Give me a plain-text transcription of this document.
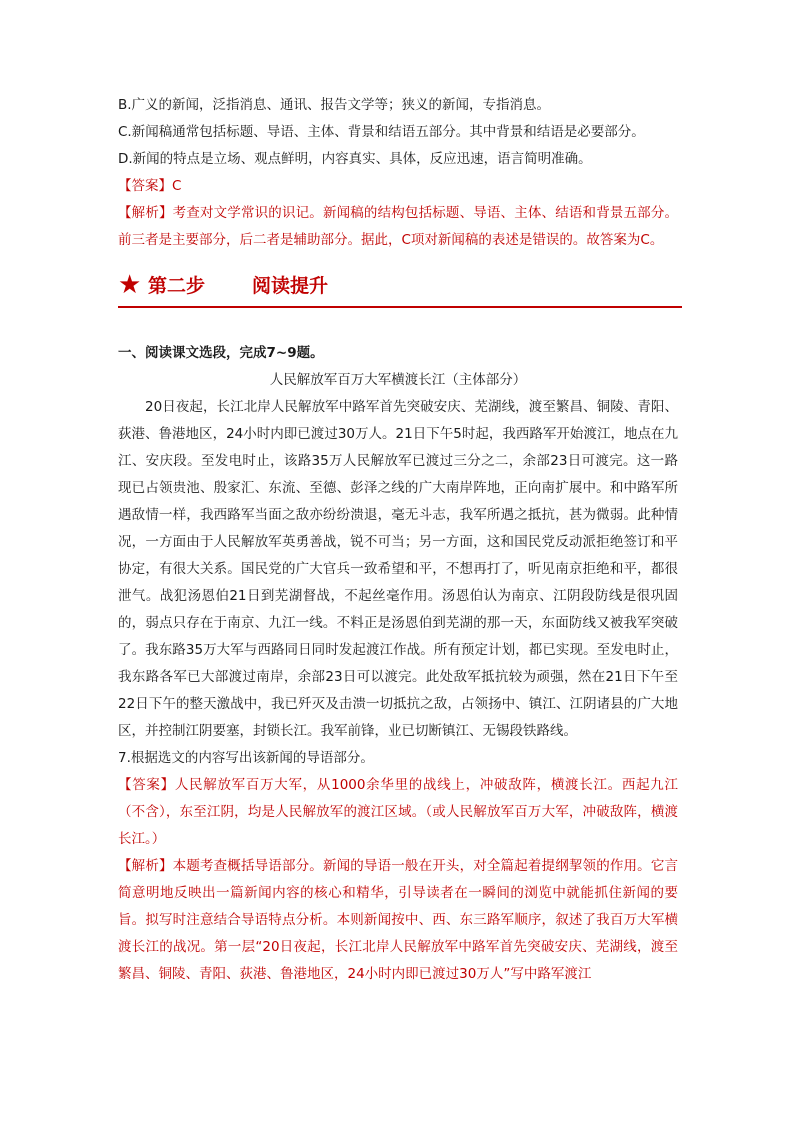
B.广义的新闻，泛指消息、通讯、报告文学等；狭义的新闻，专指消息。

C.新闻稿通常包括标题、导语、主体、背景和结语五部分。其中背景和结语是必要部分。

D.新闻的特点是立场、观点鲜明，内容真实、具体，反应迅速，语言简明准确。

【答案】C

【解析】考查对文学常识的识记。新闻稿的结构包括标题、导语、主体、结语和背景五部分。前三者是主要部分，后二者是辅助部分。据此，C项对新闻稿的表述是错误的。故答案为C。

★ 第二步 阅读提升

一、阅读课文选段，完成7~9题。

人民解放军百万大军横渡长江（主体部分）

20日夜起，长江北岸人民解放军中路军首先突破安庆、芜湖线，渡至繁昌、铜陵、青阳、荻港、鲁港地区，24小时内即已渡过30万人。21日下午5时起，我西路军开始渡江，地点在九江、安庆段。至发电时止，该路35万人民解放军已渡过三分之二，余部23日可渡完。这一路现已占领贵池、殷家汇、东流、至德、彭泽之线的广大南岸阵地，正向南扩展中。和中路军所遇敌情一样，我西路军当面之敌亦纷纷溃退，毫无斗志，我军所遇之抵抗，甚为微弱。此种情况，一方面由于人民解放军英勇善战，锐不可当；另一方面，这和国民党反动派拒绝签订和平协定，有很大关系。国民党的广大官兵一致希望和平，不想再打了，听见南京拒绝和平，都很泄气。战犯汤恩伯21日到芜湖督战，不起丝毫作用。汤恩伯认为南京、江阴段防线是很巩固的，弱点只存在于南京、九江一线。不料正是汤恩伯到芜湖的那一天，东面防线又被我军突破了。我东路35万大军与西路同日同时发起渡江作战。所有预定计划，都已实现。至发电时止，我东路各军已大部渡过南岸，余部23日可以渡完。此处敌军抵抗较为顽强，然在21日下午至22日下午的整天激战中，我已歼灭及击溃一切抵抗之敌，占领扬中、镇江、江阴诸县的广大地区，并控制江阴要塞，封锁长江。我军前锋，业已切断镇江、无锡段铁路线。

7.根据选文的内容写出该新闻的导语部分。

【答案】人民解放军百万大军，从1000余华里的战线上，冲破敌阵，横渡长江。西起九江（不含），东至江阴，均是人民解放军的渡江区域。（或人民解放军百万大军，冲破敌阵，横渡长江。）

【解析】本题考查概括导语部分。新闻的导语一般在开头，对全篇起着提纲挈领的作用。它言简意明地反映出一篇新闻内容的核心和精华，引导读者在一瞬间的浏览中就能抓住新闻的要旨。拟写时注意结合导语特点分析。本则新闻按中、西、东三路军顺序，叙述了我百万大军横渡长江的战况。第一层“20日夜起，长江北岸人民解放军中路军首先突破安庆、芜湖线，渡至繁昌、铜陵、青阳、荻港、鲁港地区，24小时内即已渡过30万人”写中路军渡江
